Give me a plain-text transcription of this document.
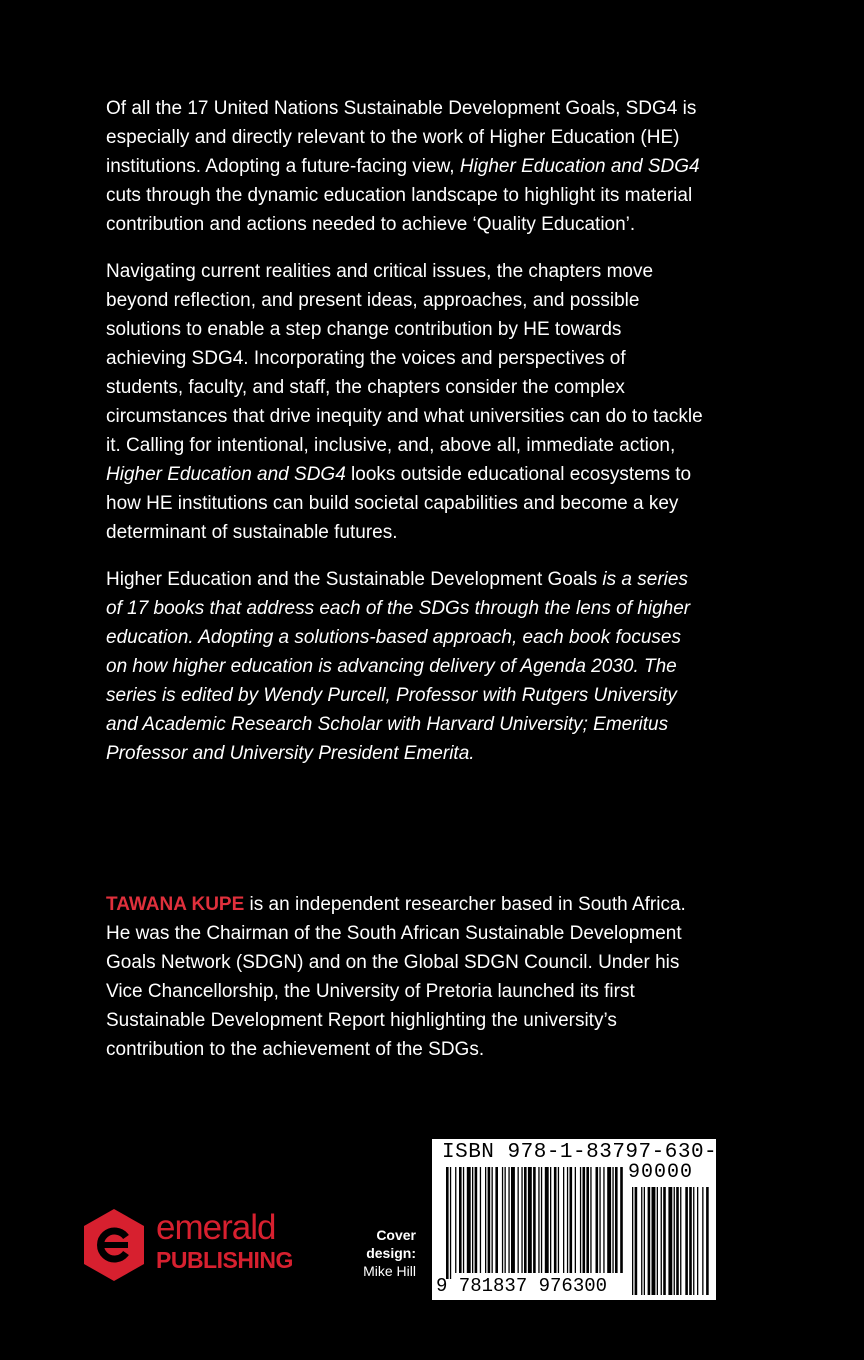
Of all the 17 United Nations Sustainable Development Goals, SDG4 is especially and directly relevant to the work of Higher Education (HE) institutions. Adopting a future-facing view, Higher Education and SDG4 cuts through the dynamic education landscape to highlight its material contribution and actions needed to achieve ‘Quality Education’.

Navigating current realities and critical issues, the chapters move beyond reflection, and present ideas, approaches, and possible solutions to enable a step change contribution by HE towards achieving SDG4. Incorporating the voices and perspectives of students, faculty, and staff, the chapters consider the complex circumstances that drive inequity and what universities can do to tackle it. Calling for intentional, inclusive, and, above all, immediate action, Higher Education and SDG4 looks outside educational ecosystems to how HE institutions can build societal capabilities and become a key determinant of sustainable futures.

Higher Education and the Sustainable Development Goals is a series of 17 books that address each of the SDGs through the lens of higher education. Adopting a solutions-based approach, each book focuses on how higher education is advancing delivery of Agenda 2030. The series is edited by Wendy Purcell, Professor with Rutgers University and Academic Research Scholar with Harvard University; Emeritus Professor and University President Emerita.

TAWANA KUPE is an independent researcher based in South Africa. He was the Chairman of the South African Sustainable Development Goals Network (SDGN) and on the Global SDGN Council. Under his Vice Chancellorship, the University of Pretoria launched its first Sustainable Development Report highlighting the university’s contribution to the achievement of the SDGs.
emerald
PUBLISHING
Cover design:
Mike Hill
ISBN 978-1-83797-630-0
90000
9 781837 976300
